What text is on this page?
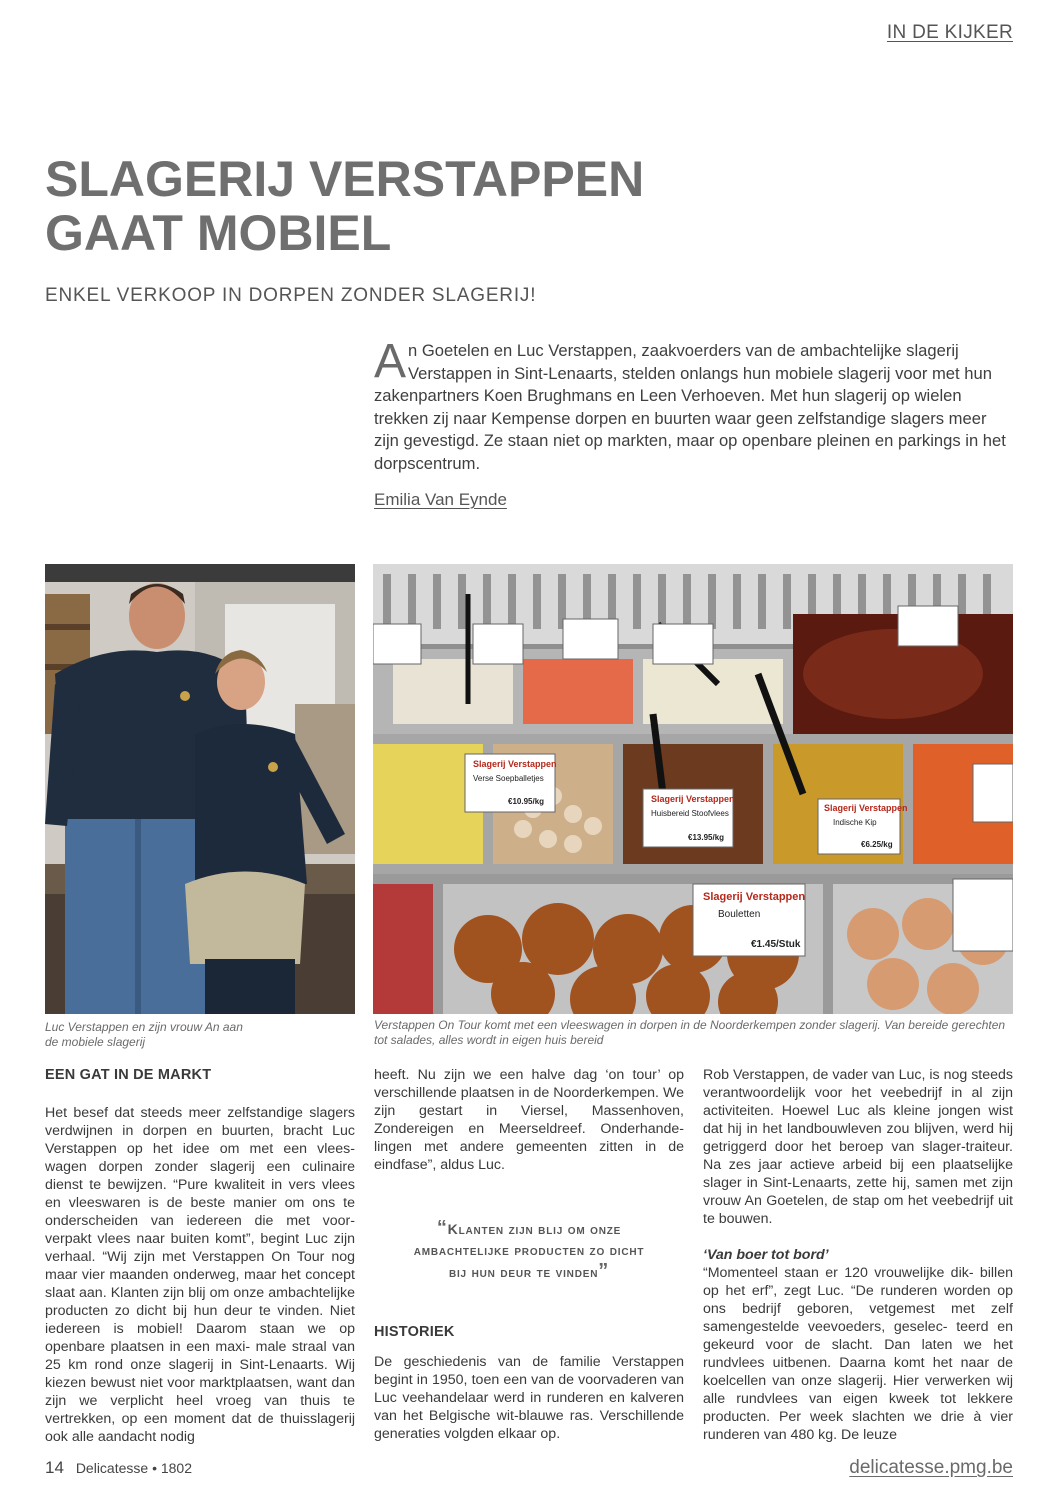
IN DE KIJKER
SLAGERIJ VERSTAPPEN
GAAT MOBIEL
ENKEL VERKOOP IN DORPEN ZONDER SLAGERIJ!
An Goetelen en Luc Verstappen, zaakvoerders van de ambachtelijke slagerij Verstappen in Sint-Lenaarts, stelden onlangs hun mobiele slagerij voor met hun zakenpartners Koen Brughmans en Leen Verhoeven. Met hun slagerij op wielen trekken zij naar Kempense dorpen en buurten waar geen zelfstandige slagers meer zijn gevestigd. Ze staan niet op markten, maar op openbare pleinen en parkings in het dorpscentrum.
Emilia Van Eynde
Slagerij Verstappen
Slagerij Verstappen
Slagerij Verstappen
Slagerij Verstappen
Verse Soepballetjes
Huisbereid Stoofvlees
Indische Kip
Bouletten
€10.95/kg
€13.95/kg
€6.25/kg
€1.45/Stuk
Luc Verstappen en zijn vrouw An aan de mobiele slagerij
Verstappen On Tour komt met een vleeswagen in dorpen in de Noorderkempen zonder slagerij. Van bereide gerechten tot salades, alles wordt in eigen huis bereid
EEN GAT IN DE MARKT

Het besef dat steeds meer zelfstandige slagers verdwijnen in dorpen en buurten, bracht Luc Verstappen op het idee om met een vlees- wagen dorpen zonder slagerij een culinaire dienst te bewijzen. “Pure kwaliteit in vers vlees en vleeswaren is de beste manier om ons te onderscheiden van iedereen die met voor- verpakt vlees naar buiten komt”, begint Luc zijn verhaal. “Wij zijn met Verstappen On Tour nog maar vier maanden onderweg, maar het concept slaat aan. Klanten zijn blij om onze ambachtelijke producten zo dicht bij hun deur te vinden. Niet iedereen is mobiel! Daarom staan we op openbare plaatsen in een maxi- male straal van 25 km rond onze slagerij in Sint-Lenaarts. Wij kiezen bewust niet voor marktplaatsen, want dan zijn we verplicht heel vroeg van thuis te vertrekken, op een moment dat de thuisslagerij ook alle aandacht nodig

heeft. Nu zijn we een halve dag ‘on tour’ op verschillende plaatsen in de Noorderkempen. We zijn gestart in Viersel, Massenhoven, Zondereigen en Meerseldreef. Onderhande- lingen met andere gemeenten zitten in de eindfase”, aldus Luc.

“Klanten zijn blij om onze ambachtelijke producten zo dicht bij hun deur te vinden”
HISTORIEK

De geschiedenis van de familie Verstappen begint in 1950, toen een van de voorvaderen van Luc veehandelaar werd in runderen en kalveren van het Belgische wit-blauwe ras. Verschillende generaties volgden elkaar op.

Rob Verstappen, de vader van Luc, is nog steeds verantwoordelijk voor het veebedrijf in al zijn activiteiten. Hoewel Luc als kleine jongen wist dat hij in het landbouwleven zou blijven, werd hij getriggerd door het beroep van slager-traiteur. Na zes jaar actieve arbeid bij een plaatselijke slager in Sint-Lenaarts, zette hij, samen met zijn vrouw An Goetelen, de stap om het veebedrijf uit te bouwen.

‘Van boer tot bord’

“Momenteel staan er 120 vrouwelijke dik- billen op het erf”, zegt Luc. “De runderen worden op ons bedrijf geboren, vetgemest met zelf samengestelde veevoeders, geselec- teerd en gekeurd voor de slacht. Dan laten we het rundvlees uitbenen. Daarna komt het naar de koelcellen van onze slagerij. Hier verwerken wij alle rundvlees van eigen kweek tot lekkere producten. Per week slachten we drie à vier runderen van 480 kg. De leuze

14 Delicatesse • 1802	delicatesse.pmg.be
